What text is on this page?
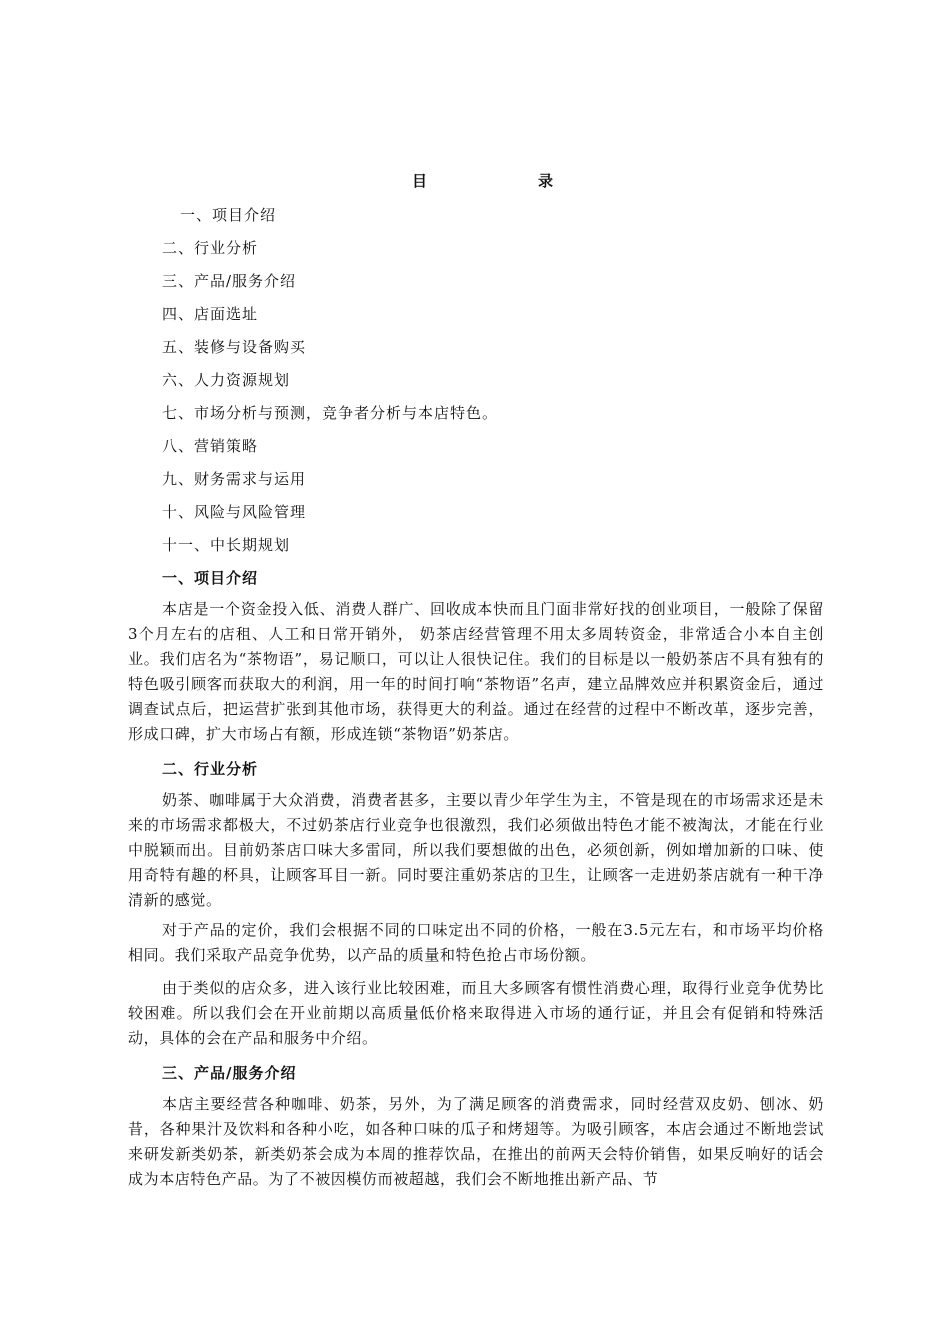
目	录
一、项目介绍
二、行业分析
三、产品/服务介绍
四、店面选址
五、装修与设备购买
六、人力资源规划
七、市场分析与预测，竞争者分析与本店特色。
八、营销策略
九、财务需求与运用
十、风险与风险管理
十一、中长期规划
一、项目介绍
本店是一个资金投入低、消费人群广、回收成本快而且门面非常好找的创业项目，一般除了保留3个月左右的店租、人工和日常开销外， 奶茶店经营管理不用太多周转资金，非常适合小本自主创业。我们店名为“茶物语”，易记顺口，可以让人很快记住。我们的目标是以一般奶茶店不具有独有的特色吸引顾客而获取大的利润，用一年的时间打响“茶物语”名声，建立品牌效应并积累资金后，通过调查试点后，把运营扩张到其他市场，获得更大的利益。通过在经营的过程中不断改革，逐步完善，形成口碑，扩大市场占有额，形成连锁“茶物语”奶茶店。
二、行业分析
奶茶、咖啡属于大众消费，消费者甚多，主要以青少年学生为主，不管是现在的市场需求还是未来的市场需求都极大，不过奶茶店行业竞争也很激烈，我们必须做出特色才能不被淘汰，才能在行业中脱颖而出。目前奶茶店口味大多雷同，所以我们要想做的出色，必须创新，例如增加新的口味、使用奇特有趣的杯具，让顾客耳目一新。同时要注重奶茶店的卫生，让顾客一走进奶茶店就有一种干净清新的感觉。
对于产品的定价，我们会根据不同的口味定出不同的价格，一般在3.5元左右，和市场平均价格相同。我们采取产品竞争优势，以产品的质量和特色抢占市场份额。
由于类似的店众多，进入该行业比较困难，而且大多顾客有惯性消费心理，取得行业竞争优势比较困难。所以我们会在开业前期以高质量低价格来取得进入市场的通行证，并且会有促销和特殊活动，具体的会在产品和服务中介绍。
三、产品/服务介绍
本店主要经营各种咖啡、奶茶，另外，为了满足顾客的消费需求，同时经营双皮奶、刨冰、奶昔，各种果汁及饮料和各种小吃，如各种口味的瓜子和烤翅等。为吸引顾客，本店会通过不断地尝试来研发新类奶茶，新类奶茶会成为本周的推荐饮品，在推出的前两天会特价销售，如果反响好的话会成为本店特色产品。为了不被因模仿而被超越，我们会不断地推出新产品、节
